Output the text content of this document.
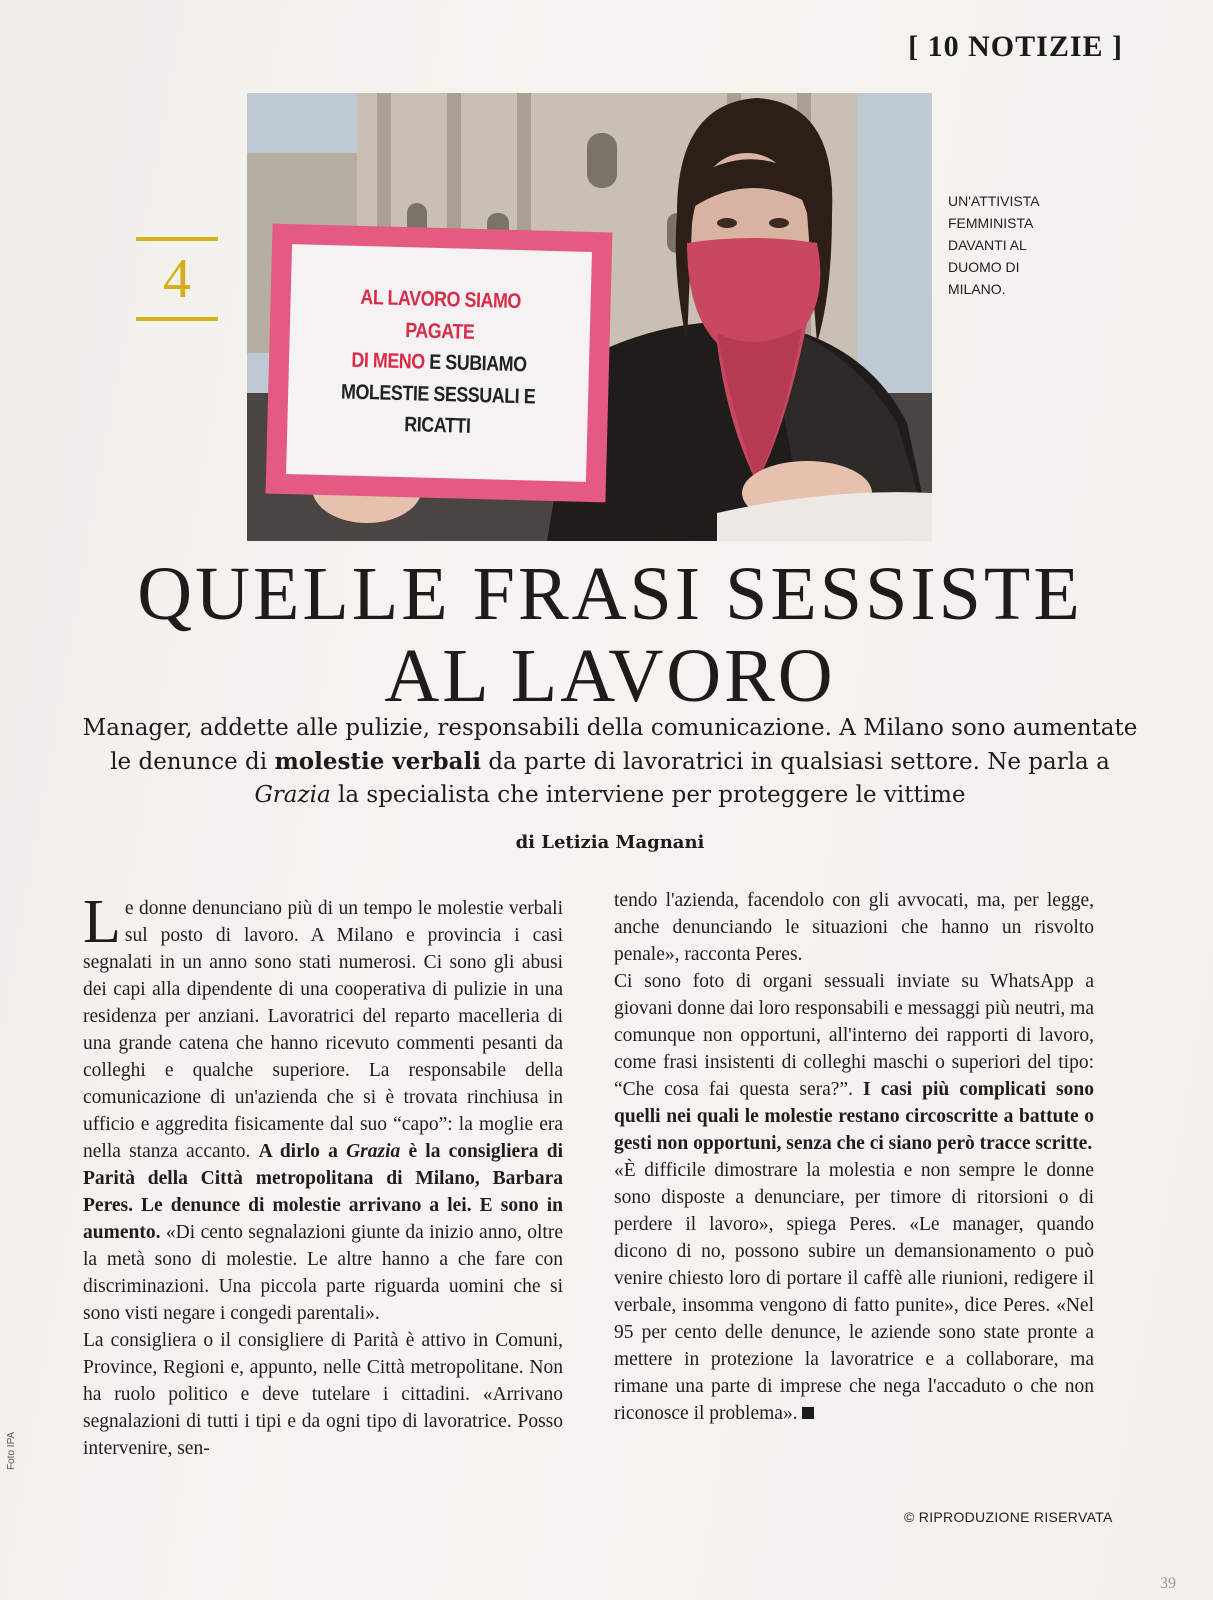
[ 10 NOTIZIE ]
AL LAVORO SIAMO PAGATE
DI MENO E SUBIAMO
MOLESTIE SESSUALI E
RICATTI
UN'ATTIVISTA FEMMINISTA DAVANTI AL DUOMO DI MILANO.
4
QUELLE FRASI SESSISTE
AL LAVORO

Manager, addette alle pulizie, responsabili della comunicazione. A Milano sono aumentate le denunce di molestie verbali da parte di lavoratrici in qualsiasi settore. Ne parla a Grazia la specialista che interviene per proteggere le vittime

di Letizia Magnani

Le donne denunciano più di un tempo le molestie verbali sul posto di lavoro. A Milano e provincia i casi segnalati in un anno sono stati numerosi. Ci sono gli abusi dei capi alla dipendente di una cooperativa di pulizie in una residenza per anziani. Lavoratrici del reparto macelleria di una grande catena che hanno ricevuto commenti pesanti da colleghi e qualche superiore. La responsabile della comunicazione di un'azienda che si è trovata rinchiusa in ufficio e aggredita fisicamente dal suo “capo”: la moglie era nella stanza accanto. A dirlo a Grazia è la consigliera di Parità della Città metropolitana di Milano, Barbara Peres. Le denunce di molestie arrivano a lei. E sono in aumento. «Di cento segnalazioni giunte da inizio anno, oltre la metà sono di molestie. Le altre hanno a che fare con discriminazioni. Una piccola parte riguarda uomini che si sono visti negare i congedi parentali».

La consigliera o il consigliere di Parità è attivo in Comuni, Province, Regioni e, appunto, nelle Città metropolitane. Non ha ruolo politico e deve tutelare i cittadini. «Arrivano segnalazioni di tutti i tipi e da ogni tipo di lavoratrice. Posso intervenire, sen-

tendo l'azienda, facendolo con gli avvocati, ma, per legge, anche denunciando le situazioni che hanno un risvolto penale», racconta Peres.

Ci sono foto di organi sessuali inviate su WhatsApp a giovani donne dai loro responsabili e messaggi più neutri, ma comunque non opportuni, all'interno dei rapporti di lavoro, come frasi insistenti di colleghi maschi o superiori del tipo: “Che cosa fai questa sera?”. I casi più complicati sono quelli nei quali le molestie restano circoscritte a battute o gesti non opportuni, senza che ci siano però tracce scritte.

«È difficile dimostrare la molestia e non sempre le donne sono disposte a denunciare, per timore di ritorsioni o di perdere il lavoro», spiega Peres. «Le manager, quando dicono di no, possono subire un demansionamento o può venire chiesto loro di portare il caffè alle riunioni, redigere il verbale, insomma vengono di fatto punite», dice Peres. «Nel 95 per cento delle denunce, le aziende sono state pronte a mettere in protezione la lavoratrice e a collaborare, ma rimane una parte di imprese che nega l'accaduto o che non riconosce il problema».

© RIPRODUZIONE RISERVATA
Foto IPA
39
